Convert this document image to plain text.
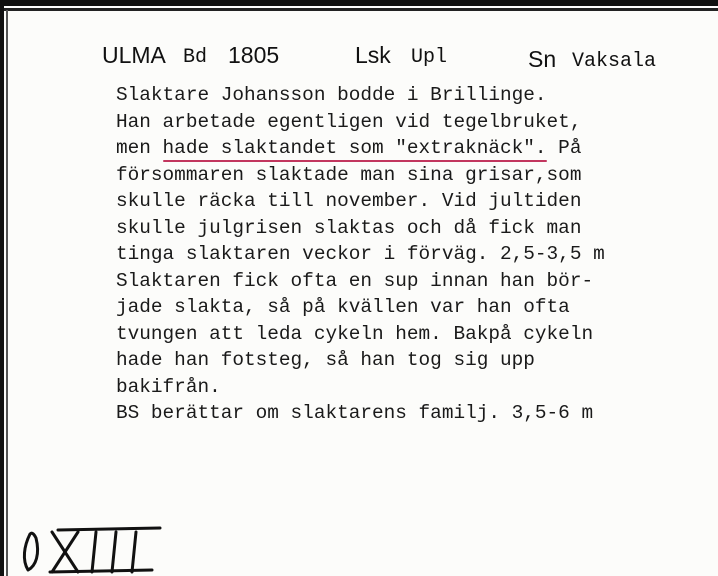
ULMA Bd 1805	Lsk Upl	Sn Vaksala
Slaktare Johansson bodde i Brillinge.
Han arbetade egentligen vid tegelbruket,
men hade slaktandet som "extraknäck". På
försommaren slaktade man sina grisar,som
skulle räcka till november. Vid jultiden
skulle julgrisen slaktas och då fick man
tinga slaktaren veckor i förväg. 2,5-3,5 m
Slaktaren fick ofta en sup innan han bör-
jade slakta, så på kvällen var han ofta
tvungen att leda cykeln hem. Bakpå cykeln
hade han fotsteg, så han tog sig upp
bakifrån.
BS berättar om slaktarens familj. 3,5-6 m
